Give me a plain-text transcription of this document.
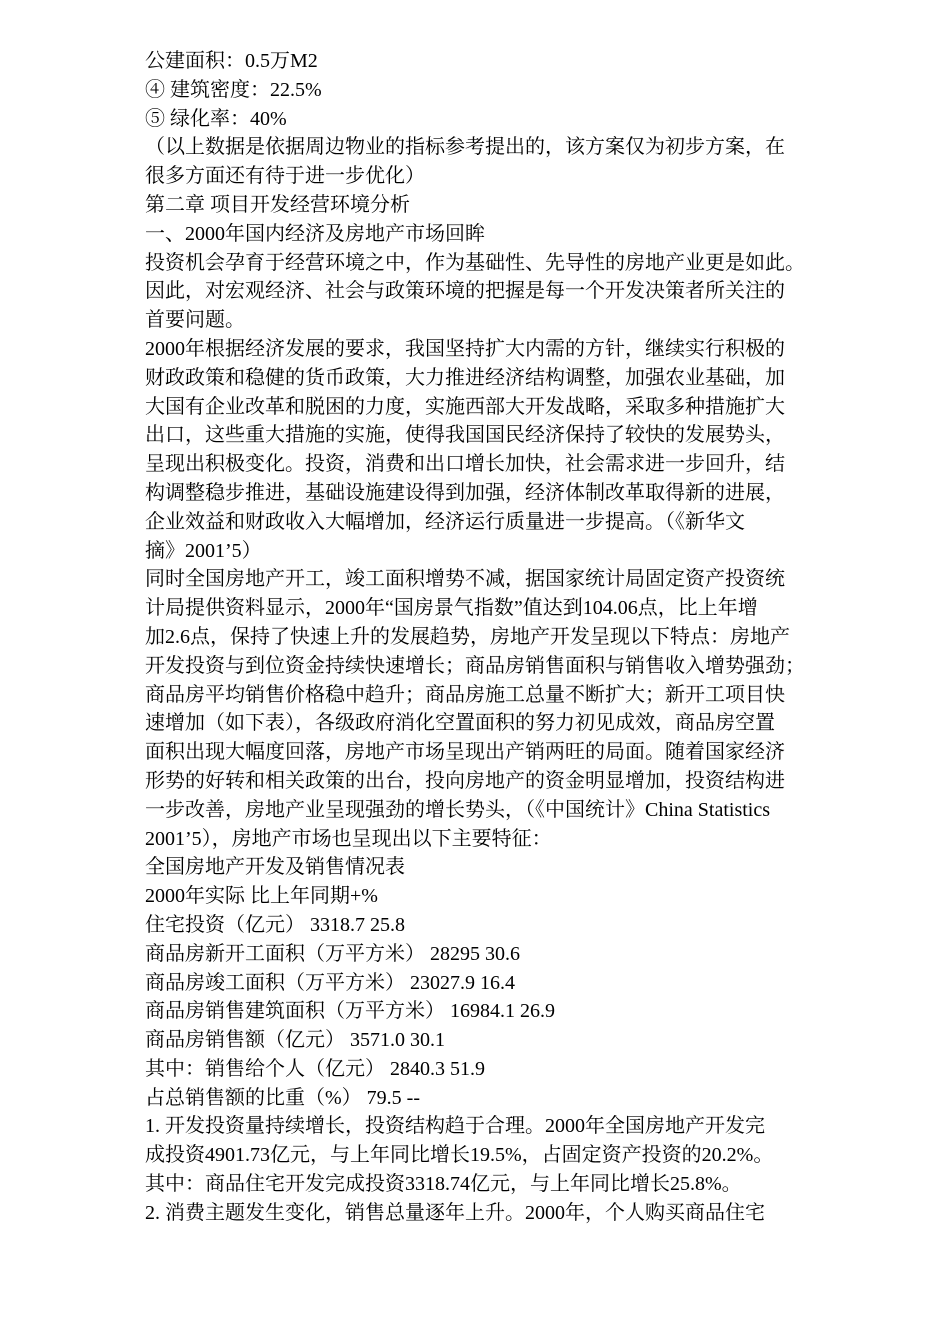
公建面积：0.5万M2
④ 建筑密度：22.5%
⑤ 绿化率：40%
（以上数据是依据周边物业的指标参考提出的，该方案仅为初步方案，在
很多方面还有待于进一步优化）
第二章 项目开发经营环境分析
一、2000年国内经济及房地产市场回眸
投资机会孕育于经营环境之中，作为基础性、先导性的房地产业更是如此。
因此，对宏观经济、社会与政策环境的把握是每一个开发决策者所关注的
首要问题。
2000年根据经济发展的要求，我国坚持扩大内需的方针，继续实行积极的
财政政策和稳健的货币政策，大力推进经济结构调整，加强农业基础，加
大国有企业改革和脱困的力度，实施西部大开发战略，采取多种措施扩大
出口，这些重大措施的实施，使得我国国民经济保持了较快的发展势头，
呈现出积极变化。投资，消费和出口增长加快，社会需求进一步回升，结
构调整稳步推进，基础设施建设得到加强，经济体制改革取得新的进展，
企业效益和财政收入大幅增加，经济运行质量进一步提高。（《新华文
摘》2001’5）
同时全国房地产开工，竣工面积增势不减，据国家统计局固定资产投资统
计局提供资料显示，2000年“国房景气指数”值达到104.06点，比上年增
加2.6点，保持了快速上升的发展趋势，房地产开发呈现以下特点：房地产
开发投资与到位资金持续快速增长；商品房销售面积与销售收入增势强劲；
商品房平均销售价格稳中趋升；商品房施工总量不断扩大；新开工项目快
速增加（如下表），各级政府消化空置面积的努力初见成效，商品房空置
面积出现大幅度回落，房地产市场呈现出产销两旺的局面。随着国家经济
形势的好转和相关政策的出台，投向房地产的资金明显增加，投资结构进
一步改善，房地产业呈现强劲的增长势头，（《中国统计》China Statistics
2001’5），房地产市场也呈现出以下主要特征：
全国房地产开发及销售情况表
2000年实际 比上年同期+%
住宅投资（亿元） 3318.7 25.8
商品房新开工面积（万平方米） 28295 30.6
商品房竣工面积（万平方米） 23027.9 16.4
商品房销售建筑面积（万平方米） 16984.1 26.9
商品房销售额（亿元） 3571.0 30.1
其中：销售给个人（亿元） 2840.3 51.9
占总销售额的比重（%） 79.5 --
1. 开发投资量持续增长，投资结构趋于合理。2000年全国房地产开发完
成投资4901.73亿元，与上年同比增长19.5%，占固定资产投资的20.2%。
其中：商品住宅开发完成投资3318.74亿元，与上年同比增长25.8%。
2. 消费主题发生变化，销售总量逐年上升。2000年，个人购买商品住宅
